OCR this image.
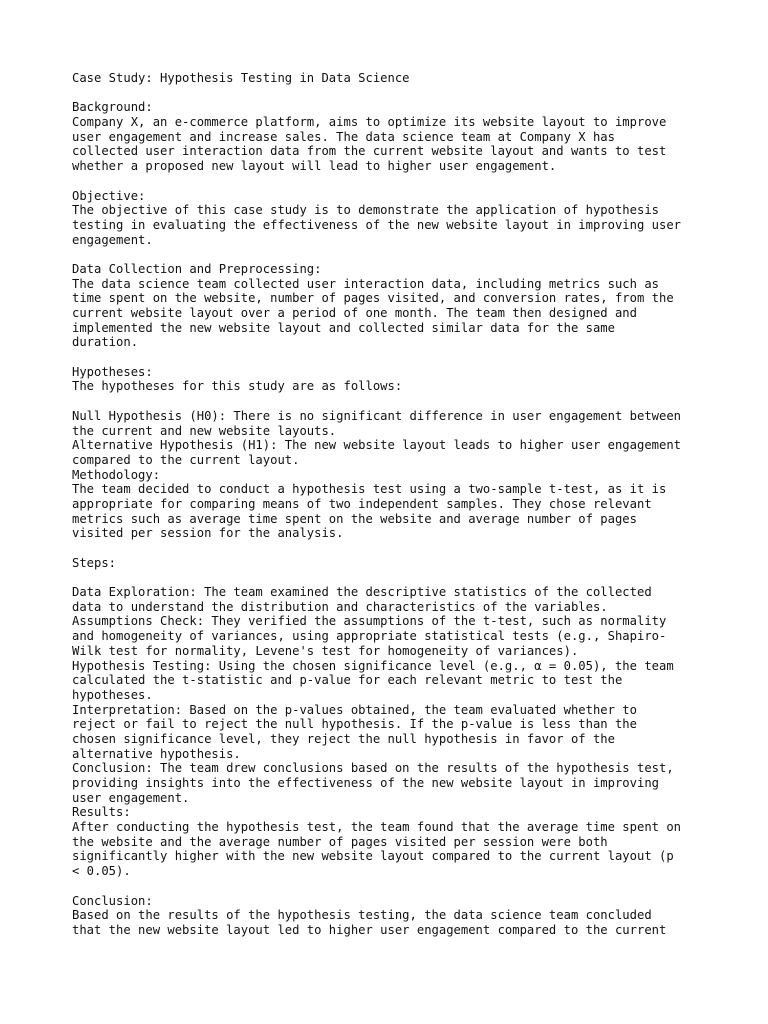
Case Study: Hypothesis Testing in Data Science
Background:
Company X, an e-commerce platform, aims to optimize its website layout to improve
user engagement and increase sales. The data science team at Company X has
collected user interaction data from the current website layout and wants to test
whether a proposed new layout will lead to higher user engagement.
Objective:
The objective of this case study is to demonstrate the application of hypothesis
testing in evaluating the effectiveness of the new website layout in improving user
engagement.
Data Collection and Preprocessing:
The data science team collected user interaction data, including metrics such as
time spent on the website, number of pages visited, and conversion rates, from the
current website layout over a period of one month. The team then designed and
implemented the new website layout and collected similar data for the same
duration.
Hypotheses:
The hypotheses for this study are as follows:
Null Hypothesis (H0): There is no significant difference in user engagement between
the current and new website layouts.
Alternative Hypothesis (H1): The new website layout leads to higher user engagement
compared to the current layout.
Methodology:
The team decided to conduct a hypothesis test using a two-sample t-test, as it is
appropriate for comparing means of two independent samples. They chose relevant
metrics such as average time spent on the website and average number of pages
visited per session for the analysis.
Steps:
Data Exploration: The team examined the descriptive statistics of the collected
data to understand the distribution and characteristics of the variables.
Assumptions Check: They verified the assumptions of the t-test, such as normality
and homogeneity of variances, using appropriate statistical tests (e.g., Shapiro-
Wilk test for normality, Levene's test for homogeneity of variances).
Hypothesis Testing: Using the chosen significance level (e.g., α = 0.05), the team
calculated the t-statistic and p-value for each relevant metric to test the
hypotheses.
Interpretation: Based on the p-values obtained, the team evaluated whether to
reject or fail to reject the null hypothesis. If the p-value is less than the
chosen significance level, they reject the null hypothesis in favor of the
alternative hypothesis.
Conclusion: The team drew conclusions based on the results of the hypothesis test,
providing insights into the effectiveness of the new website layout in improving
user engagement.
Results:
After conducting the hypothesis test, the team found that the average time spent on
the website and the average number of pages visited per session were both
significantly higher with the new website layout compared to the current layout (p
< 0.05).
Conclusion:
Based on the results of the hypothesis testing, the data science team concluded
that the new website layout led to higher user engagement compared to the current
